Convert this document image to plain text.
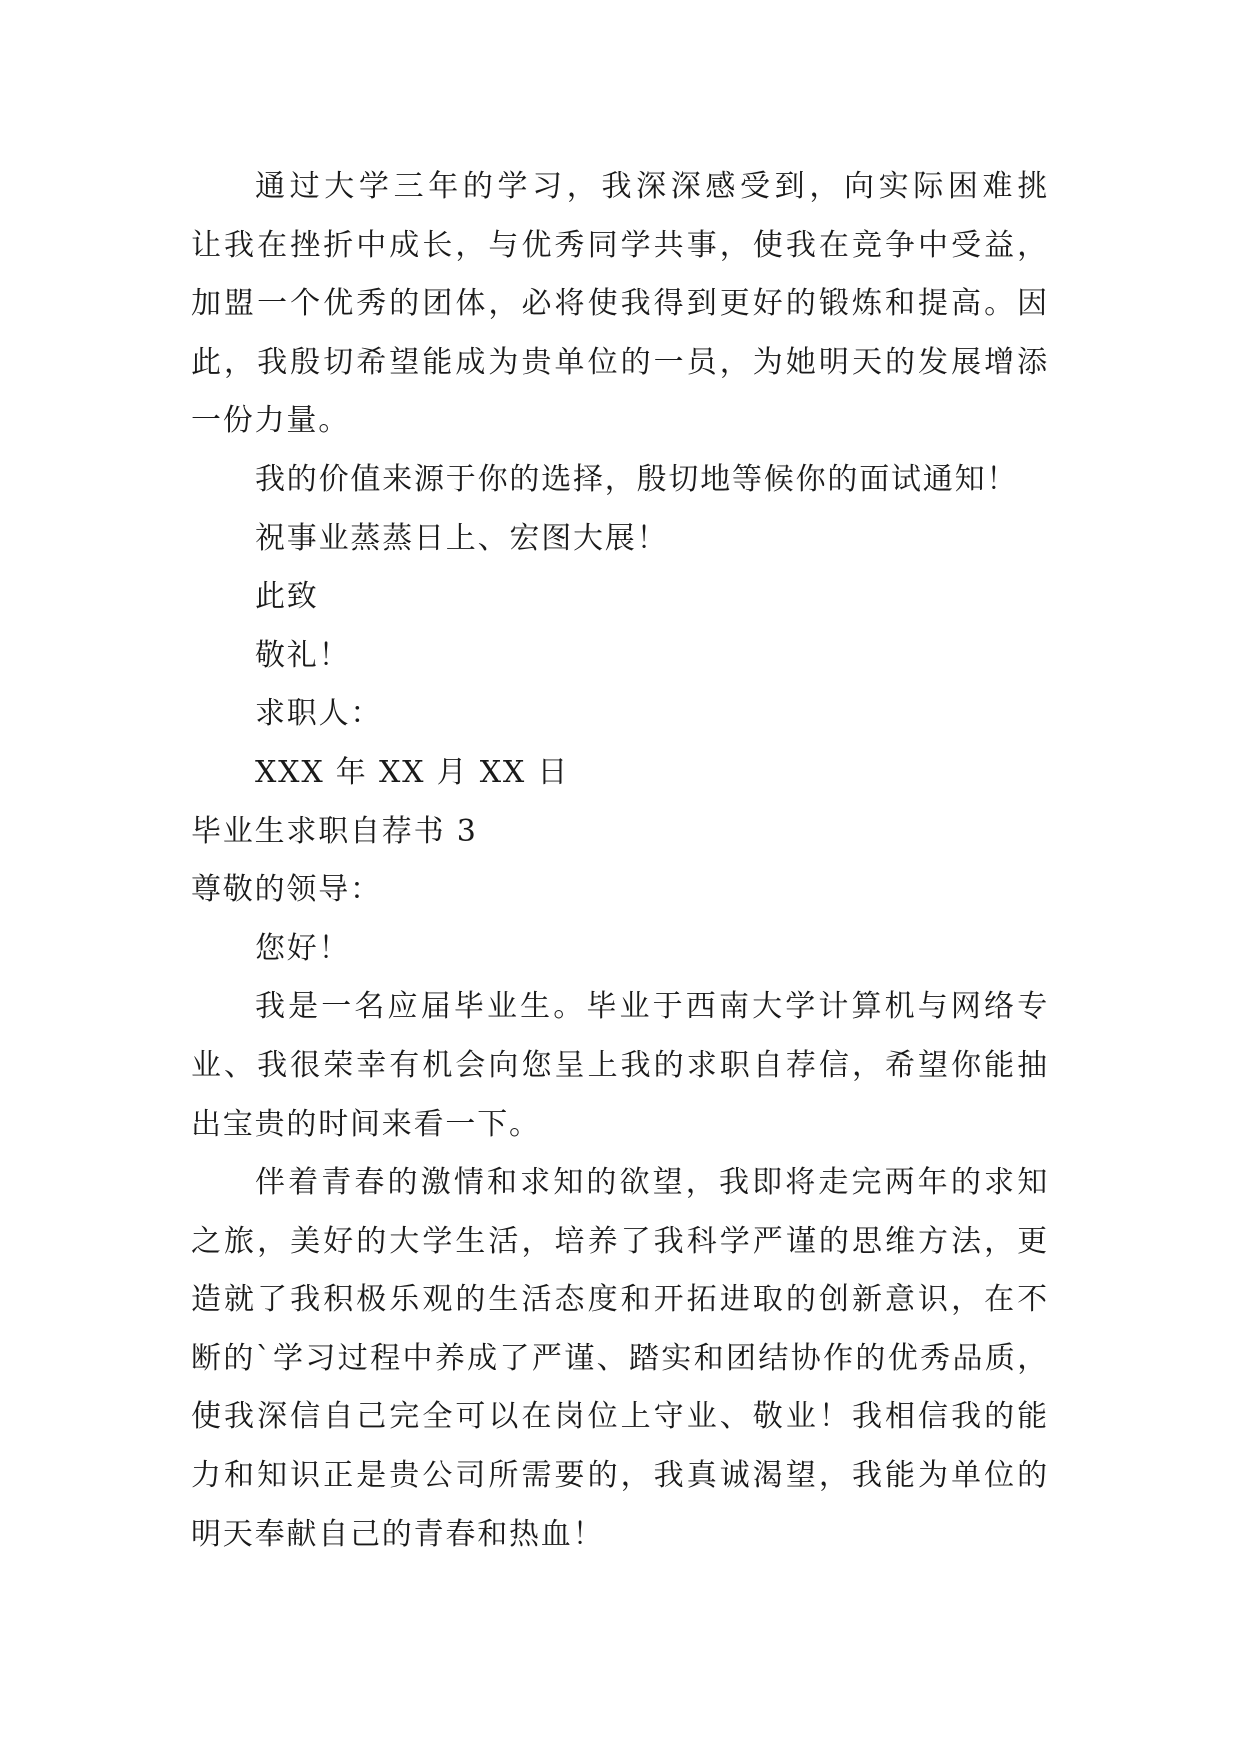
通过大学三年的学习，我深深感受到，向实际困难挑
让我在挫折中成长，与优秀同学共事，使我在竞争中受益，
加盟一个优秀的团体，必将使我得到更好的锻炼和提高。因
此，我殷切希望能成为贵单位的一员，为她明天的发展增添
一份力量。
我的价值来源于你的选择，殷切地等候你的面试通知！
祝事业蒸蒸日上、宏图大展！
此致
敬礼！
求职人：
XXX 年 XX 月 XX 日
毕业生求职自荐书 3
尊敬的领导：
您好！
我是一名应届毕业生。毕业于西南大学计算机与网络专
业、我很荣幸有机会向您呈上我的求职自荐信，希望你能抽
出宝贵的时间来看一下。
伴着青春的激情和求知的欲望，我即将走完两年的求知
之旅，美好的大学生活，培养了我科学严谨的思维方法，更
造就了我积极乐观的生活态度和开拓进取的创新意识，在不
断的`学习过程中养成了严谨、踏实和团结协作的优秀品质，
使我深信自己完全可以在岗位上守业、敬业！我相信我的能
力和知识正是贵公司所需要的，我真诚渴望，我能为单位的
明天奉献自己的青春和热血！
